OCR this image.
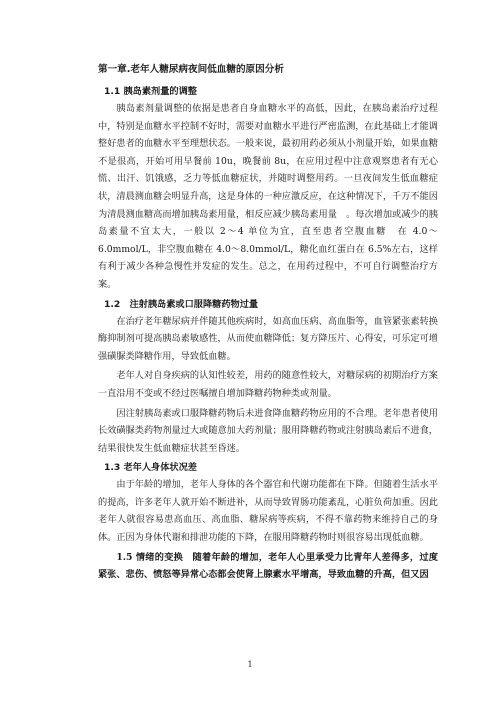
第一章.老年人糖尿病夜间低血糖的原因分析
1.1 胰岛素剂量的调整

胰岛素剂量调整的依据是患者自身血糖水平的高低，因此，在胰岛素治疗过程中，特别是血糖水平控制不好时，需要对血糖水平进行严密监测，在此基础上才能调整好患者的血糖水平至理想状态。一般来说，最初用药必须从小剂量开始，如果血糖不是很高，开始可用早餐前 10u，晚餐前 8u，在应用过程中注意观察患者有无心慌、出汗、饥饿感，乏力等低血糖症状，并随时调整用药。一旦夜间发生低血糖症状，清晨测血糖会明显升高，这是身体的一种应激反应，在这种情况下，千万不能因为清晨测血糖高而增加胰岛素用量，相反应减少胰岛素用量　。每次增加或减少的胰岛素量不宜太大，一般以 2～4 单位为宜，直至患者空腹血糖　在 4.0～6.0mmol/L，非空腹血糖在 4.0～8.0mmol/L，糖化血红蛋白在 6.5%左右，这样有利于减少各种急慢性并发症的发生。总之，在用药过程中，不可自行调整治疗方案。

1.2　注射胰岛素或口服降糖药物过量

在治疗老年糖尿病并伴随其他疾病时，如高血压病、高血脂等，血管紧张素转换酶抑制剂可提高胰岛素敏感性，从而使血糖降低；复方降压片、心得安，可乐定可增强磺脲类降糖作用，导致低血糖。

老年人对自身疾病的认知性较差，用药的随意性较大，对糖尿病的初期治疗方案一直沿用不变或不经过医嘱擅自增加降糖药物种类或剂量。

因注射胰岛素或口服降糖药物后未进食降血糖药物应用的不合理。老年患者使用长效磺脲类药物剂量过大或随意加大药剂量；服用降糖药物或注射胰岛素后不进食，结果很快发生低血糖症状甚至昏迷。

1.3 老年人身体状况差

由于年龄的增加，老年人身体的各个器官和代谢功能都在下降。但随着生活水平的提高，许多老年人就开始不断进补，从而导致胃肠功能紊乱，心脏负荷加重。因此老年人就很容易患高血压、高血脂、糖尿病等疾病，不得不靠药物来维持自己的身体。正因为身体代谢和排泄功能的下降，在服用降糖药物时则很容易出现低血糖。

1.5 情绪的变换　随着年龄的增加，老年人心里承受力比青年人差得多，过度紧张、悲伤、愤怒等异常心态都会使肾上腺素水平增高，导致血糖的升高，但又因

1
